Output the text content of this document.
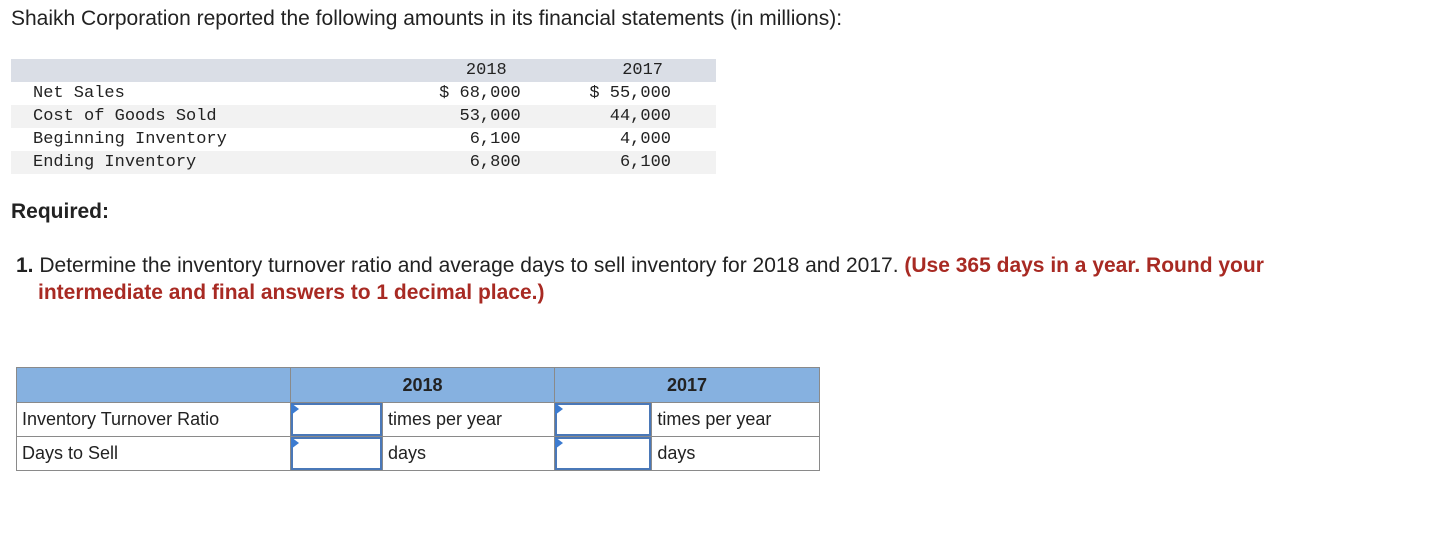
Shaikh Corporation reported the following amounts in its financial statements (in millions):
	2018	2017
Net Sales	$ 68,000	$ 55,000
Cost of Goods Sold	53,000	44,000
Beginning Inventory	6,100	4,000
Ending Inventory	6,800	6,100
Required:
1. Determine the inventory turnover ratio and average days to sell inventory for 2018 and 2017. (Use 365 days in a year. Round your
intermediate and final answers to 1 decimal place.)
	2018		2017	
Inventory Turnover Ratio		times per year		times per year
Days to Sell		days		days
